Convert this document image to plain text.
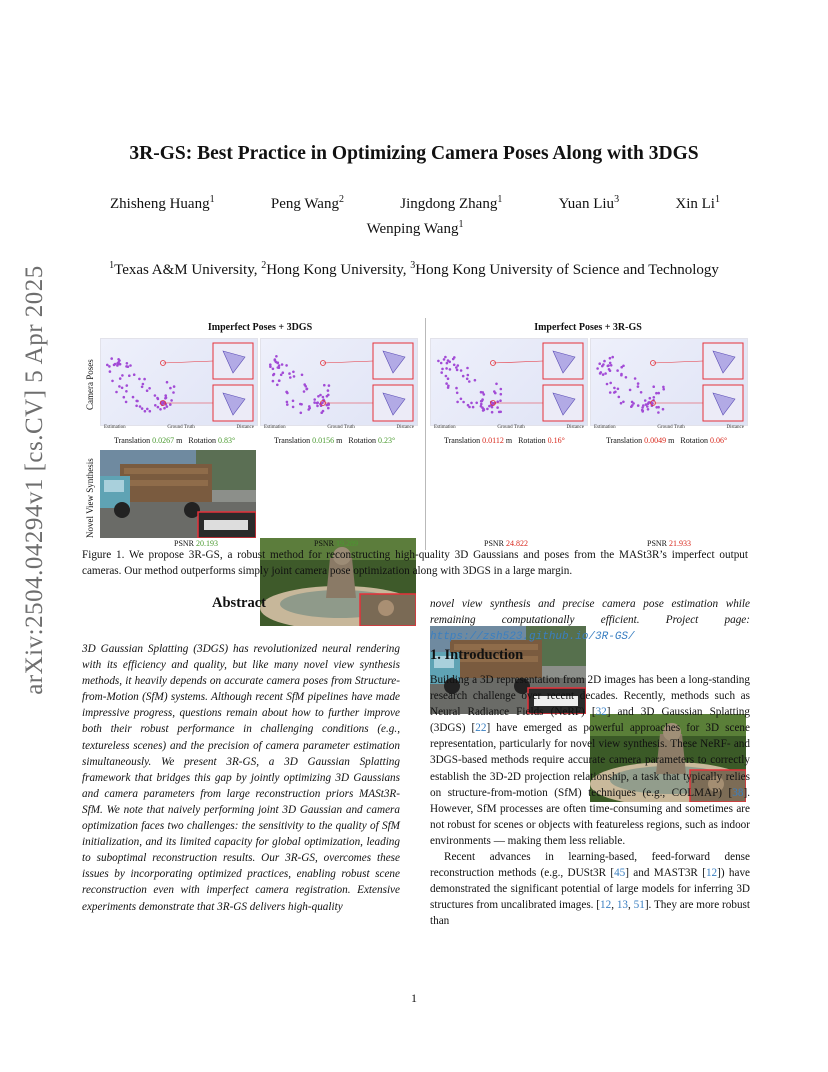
arXiv:2504.04294v1 [cs.CV] 5 Apr 2025
3R-GS: Best Practice in Optimizing Camera Poses Along with 3DGS
Zhisheng Huang$^1$	Peng Wang$^2$	Jingdong Zhang$^1$	Yuan Liu$^3$	Xin Li$^1$
Wenping Wang$^1$
$^1$Texas A&M University, $^2$Hong Kong University, $^3$Hong Kong University of Science and Technology
Imperfect Poses + 3DGS	Imperfect Poses + 3R-GS
Camera Poses
Novel View Synthesis
Estimation	Ground Truth	Distance Estimation	Ground Truth	Distance	Estimation	Ground Truth	Distance Estimation	Ground Truth	Distance
Translation 0.0267 m Rotation 0.83°	Translation 0.0156 m Rotation 0.23°	Translation 0.0112 m Rotation 0.16°	Translation 0.0049 m Rotation 0.06°
PSNR 20.193	PSNR 19.289	PSNR 24.822	PSNR 21.933
Figure 1. We propose 3R-GS, a robust method for reconstructing high-quality 3D Gaussians and poses from the MASt3R’s imperfect output cameras. Our method outperforms simply joint camera pose optimization along with 3DGS in a large margin.
Abstract
3D Gaussian Splatting (3DGS) has revolutionized neural rendering with its efficiency and quality, but like many novel view synthesis methods, it heavily depends on accurate camera poses from Structure-from-Motion (SfM) systems. Although recent SfM pipelines have made impressive progress, questions remain about how to further improve both their robust performance in challenging conditions (e.g., textureless scenes) and the precision of camera parameter estimation simultaneously. We present 3R-GS, a 3D Gaussian Splatting framework that bridges this gap by jointly optimizing 3D Gaussians and camera parameters from large reconstruction priors MASt3R-SfM. We note that naively performing joint 3D Gaussian and camera optimization faces two challenges: the sensitivity to the quality of SfM initialization, and its limited capacity for global optimization, leading to suboptimal reconstruction results. Our 3R-GS, overcomes these issues by incorporating optimized practices, enabling robust scene reconstruction even with imperfect camera registration. Extensive experiments demonstrate that 3R-GS delivers high-quality
novel view synthesis and precise camera pose estimation while remaining computationally efficient. Project page: https://zsh523.github.io/3R-GS/
1. Introduction

Building a 3D representation from 2D images has been a long-standing research challenge over recent decades. Recently, methods such as Neural Radiance Fields (NeRF) [32] and 3D Gaussian Splatting (3DGS) [22] have emerged as powerful approaches for 3D scene representation, particularly for novel view synthesis. These NeRF- and 3DGS-based methods require accurate camera parameters to correctly establish the 3D-2D projection relationship, a task that typically relies on structure-from-motion (SfM) techniques (e.g., COLMAP) [38]. However, SfM processes are often time-consuming and sometimes are not robust for scenes or objects with featureless regions, such as indoor environments — making them less reliable.

Recent advances in learning-based, feed-forward dense reconstruction methods (e.g., DUSt3R [45] and MAST3R [12]) have demonstrated the significant potential of large models for inferring 3D structures from uncalibrated images. [12, 13, 51]. They are more robust than

1
